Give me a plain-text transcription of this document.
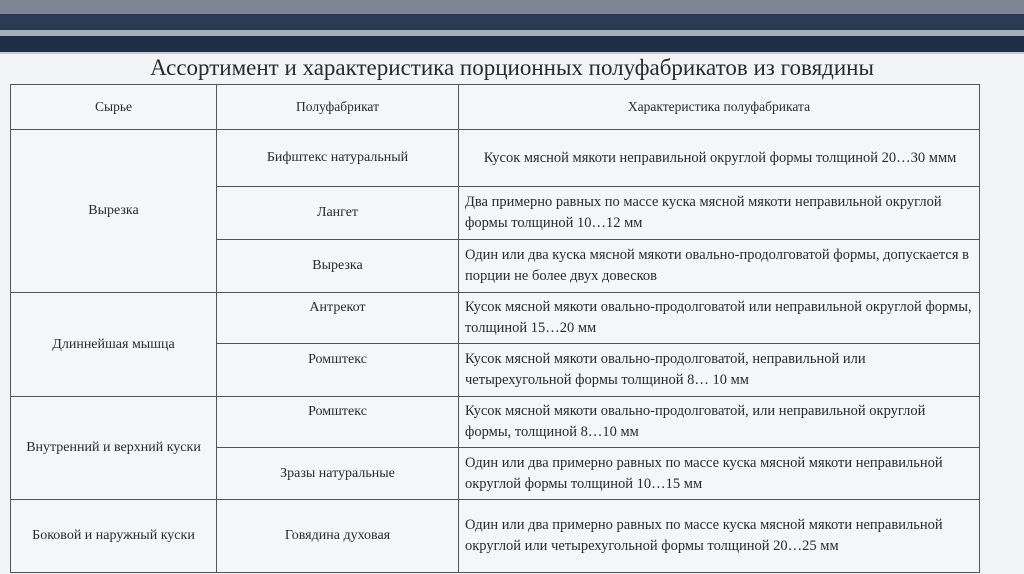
Ассортимент и характеристика порционных полуфабрикатов из говядины
Сырье	Полуфабрикат	Характеристика полуфабриката
Вырезка	Бифштекс натуральный	Кусок мясной мякоти неправильной округлой формы толщиной 20…30 ммм
	Лангет	Два примерно равных по массе куска мясной мякоти неправильной округлой формы толщиной 10…12 мм
	Вырезка	Один или два куска мясной мякоти овально-продолговатой формы, допускается в порции не более двух довесков
Длиннейшая мышца	Антрекот	Кусок мясной мякоти овально-продолговатой или неправильной округлой формы, толщиной 15…20 мм
	Ромштекс	Кусок мясной мякоти овально-продолговатой, неправильной или четырехугольной формы толщиной 8… 10 мм
Внутренний и верхний куски	Ромштекс	Кусок мясной мякоти овально-продолговатой, или неправильной округлой формы, толщиной 8…10 мм
	Зразы натуральные	Один или два примерно равных по массе куска мясной мякоти неправильной округлой формы толщиной 10…15 мм
Боковой и наружный куски	Говядина духовая	Один или два примерно равных по массе куска мясной мякоти неправильной округлой или четырехугольной формы толщиной 20…25 мм
